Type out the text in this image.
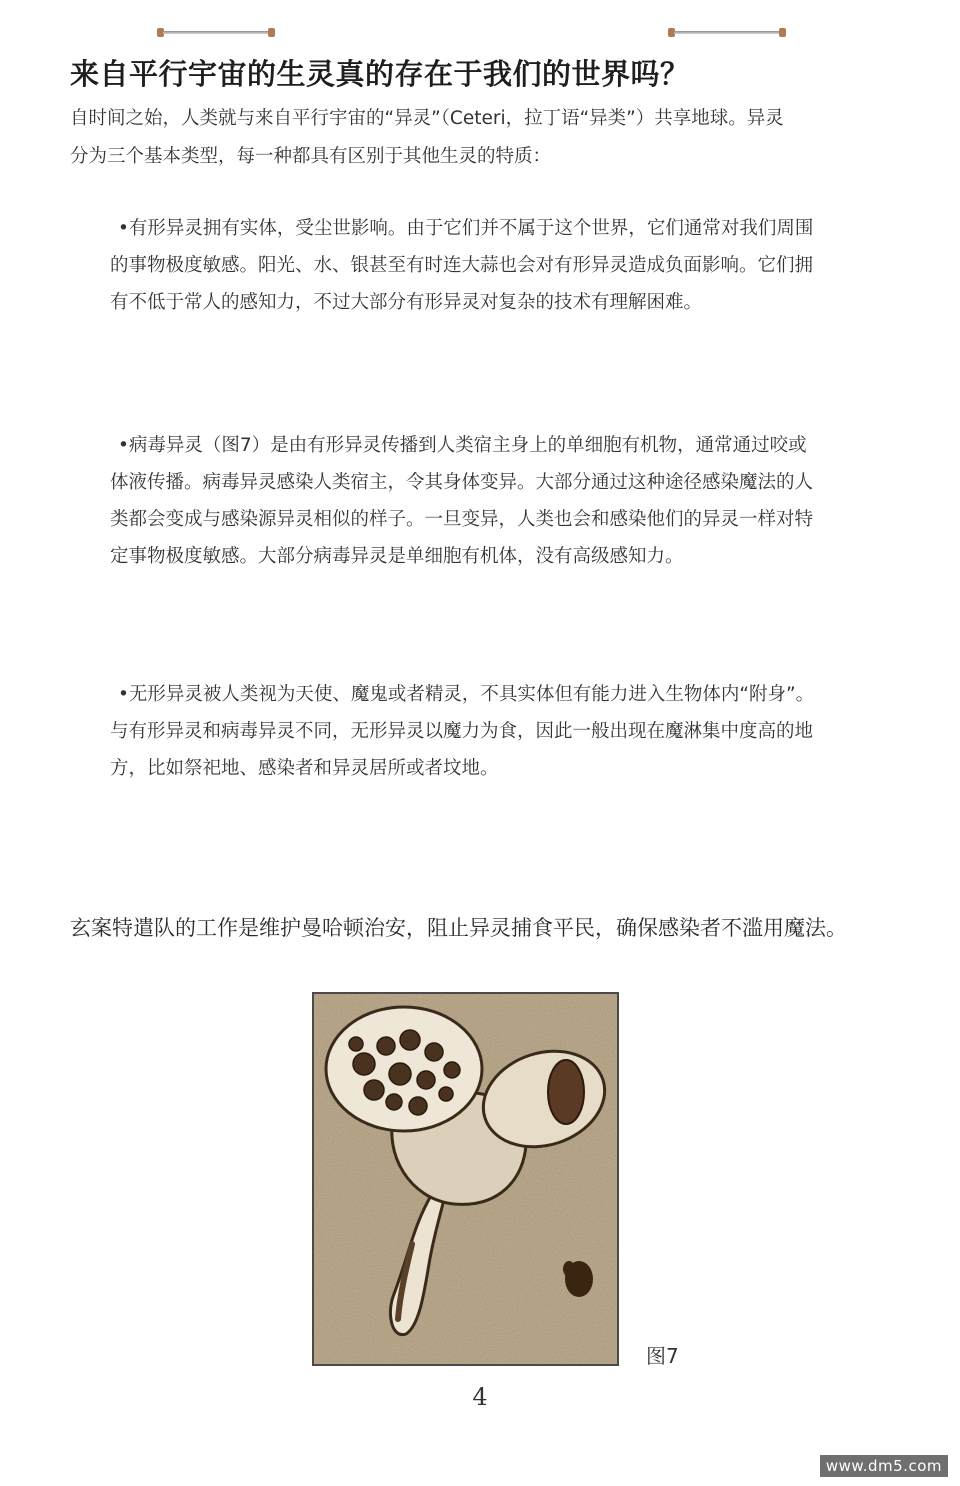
来自平行宇宙的生灵真的存在于我们的世界吗？
自时间之始，人类就与来自平行宇宙的“异灵”（Ceteri，拉丁语“异类”）共享地球。异灵
分为三个基本类型，每一种都具有区别于其他生灵的特质：
•有形异灵拥有实体，受尘世影响。由于它们并不属于这个世界，它们通常对我们周围
的事物极度敏感。阳光、水、银甚至有时连大蒜也会对有形异灵造成负面影响。它们拥
有不低于常人的感知力，不过大部分有形异灵对复杂的技术有理解困难。
•病毒异灵（图7）是由有形异灵传播到人类宿主身上的单细胞有机物，通常通过咬或
体液传播。病毒异灵感染人类宿主，令其身体变异。大部分通过这种途径感染魔法的人
类都会变成与感染源异灵相似的样子。一旦变异，人类也会和感染他们的异灵一样对特
定事物极度敏感。大部分病毒异灵是单细胞有机体，没有高级感知力。
•无形异灵被人类视为天使、魔鬼或者精灵，不具实体但有能力进入生物体内“附身”。
与有形异灵和病毒异灵不同，无形异灵以魔力为食，因此一般出现在魔淋集中度高的地
方，比如祭祀地、感染者和异灵居所或者坟地。
玄案特遣队的工作是维护曼哈顿治安，阻止异灵捕食平民，确保感染者不滥用魔法。
图7
4
www.dm5.com
